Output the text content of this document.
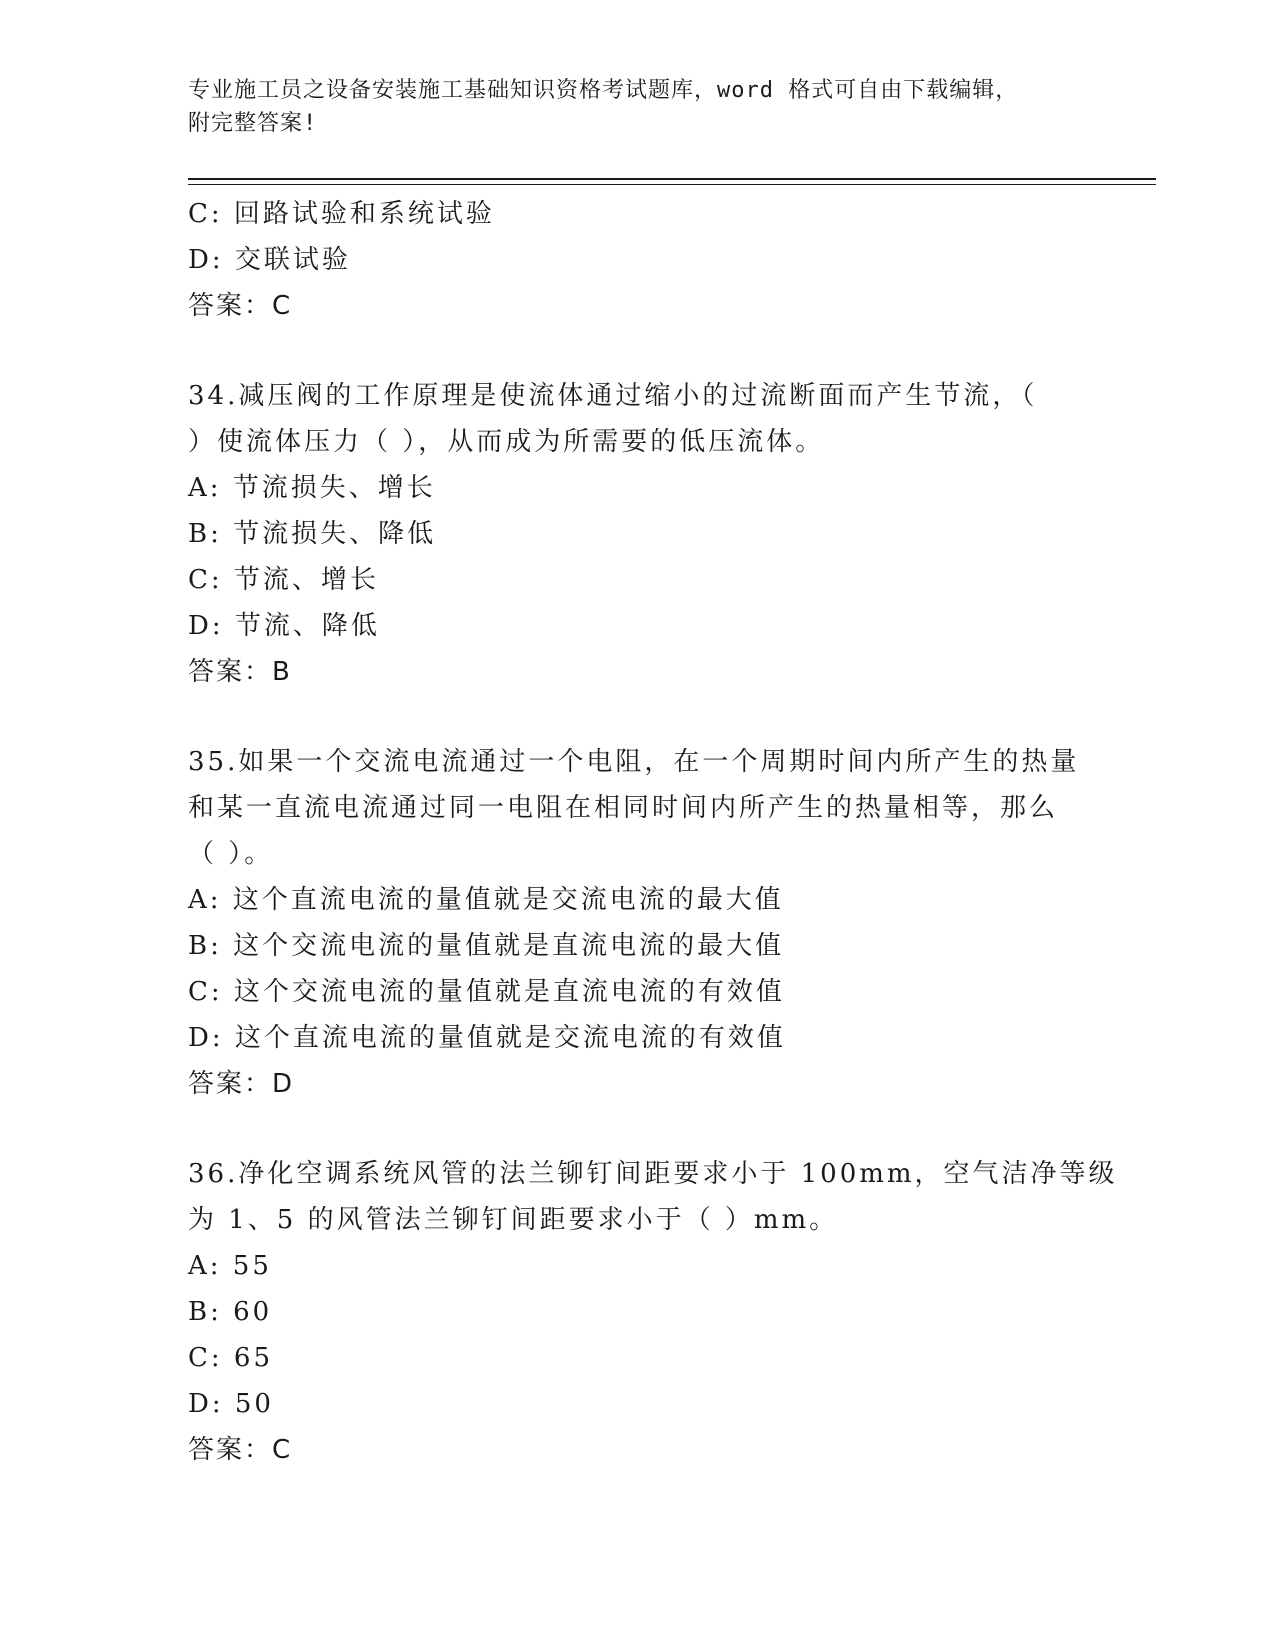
专业施工员之设备安装施工基础知识资格考试题库，word 格式可自由下载编辑，
附完整答案!
C: 回路试验和系统试验
D: 交联试验
答案：C
34.减压阀的工作原理是使流体通过缩小的过流断面而产生节流，（
）使流体压力（ ），从而成为所需要的低压流体。
A: 节流损失、增长
B: 节流损失、降低
C: 节流、增长
D: 节流、降低
答案：B
35.如果一个交流电流通过一个电阻，在一个周期时间内所产生的热量
和某一直流电流通过同一电阻在相同时间内所产生的热量相等，那么
（ ）。
A: 这个直流电流的量值就是交流电流的最大值
B: 这个交流电流的量值就是直流电流的最大值
C: 这个交流电流的量值就是直流电流的有效值
D: 这个直流电流的量值就是交流电流的有效值
答案：D
36.净化空调系统风管的法兰铆钉间距要求小于 100mm，空气洁净等级
为 1、5 的风管法兰铆钉间距要求小于（ ）mm。
A: 55
B: 60
C: 65
D: 50
答案：C
